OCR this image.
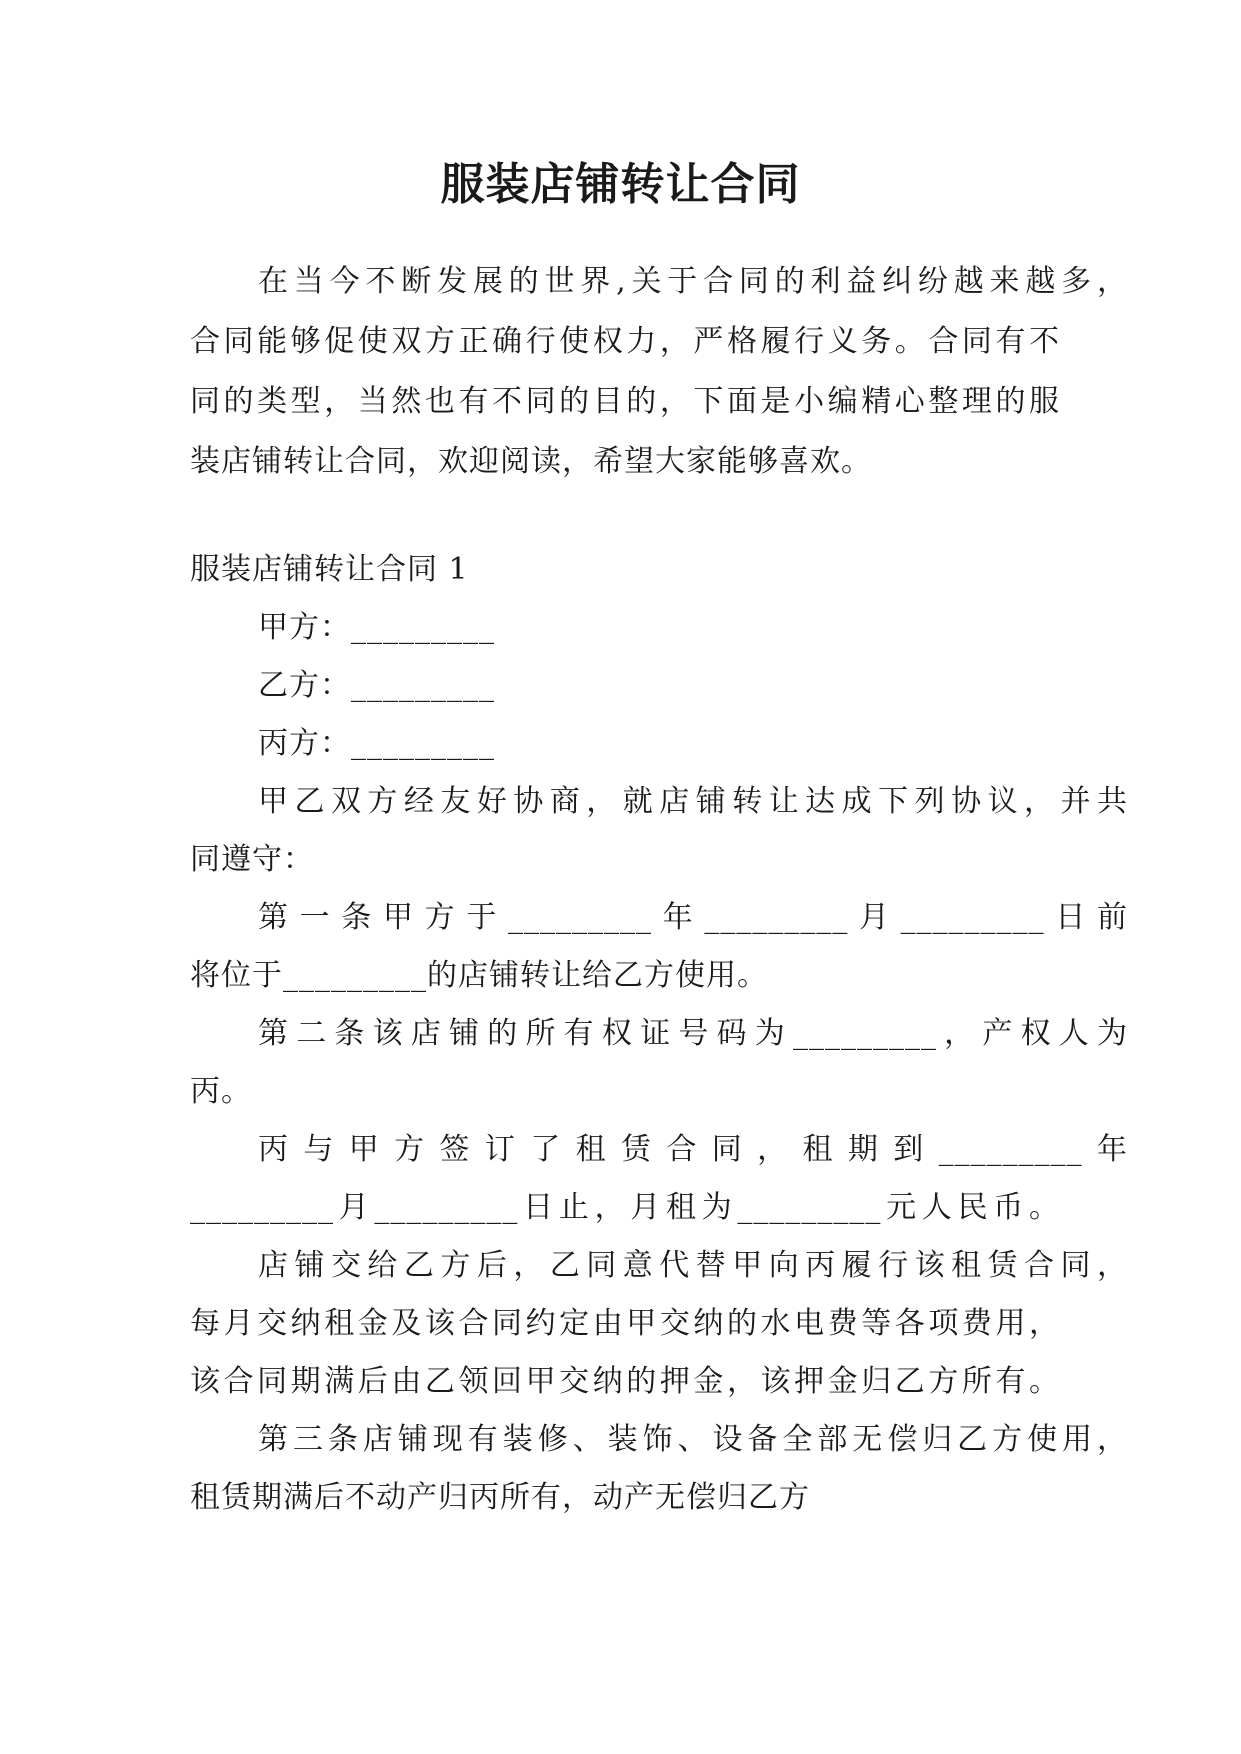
服装店铺转让合同

在当今不断发展的世界,关于合同的利益纠纷越来越多，

合同能够促使双方正确行使权力，严格履行义务。合同有不

同的类型，当然也有不同的目的，下面是小编精心整理的服

装店铺转让合同，欢迎阅读，希望大家能够喜欢。

服装店铺转让合同 1

甲方：_________

乙方：_________

丙方：_________

甲乙双方经友好协商，就店铺转让达成下列协议，并共

同遵守：

第一条甲方于_________年_________月_________日前

将位于_________的店铺转让给乙方使用。

第二条该店铺的所有权证号码为_________，产权人为

丙。

丙与甲方签订了租赁合同，租期到_________年

_________月_________日止，月租为_________元人民币。

店铺交给乙方后，乙同意代替甲向丙履行该租赁合同，

每月交纳租金及该合同约定由甲交纳的水电费等各项费用，

该合同期满后由乙领回甲交纳的押金，该押金归乙方所有。

第三条店铺现有装修、装饰、设备全部无偿归乙方使用，

租赁期满后不动产归丙所有，动产无偿归乙方
